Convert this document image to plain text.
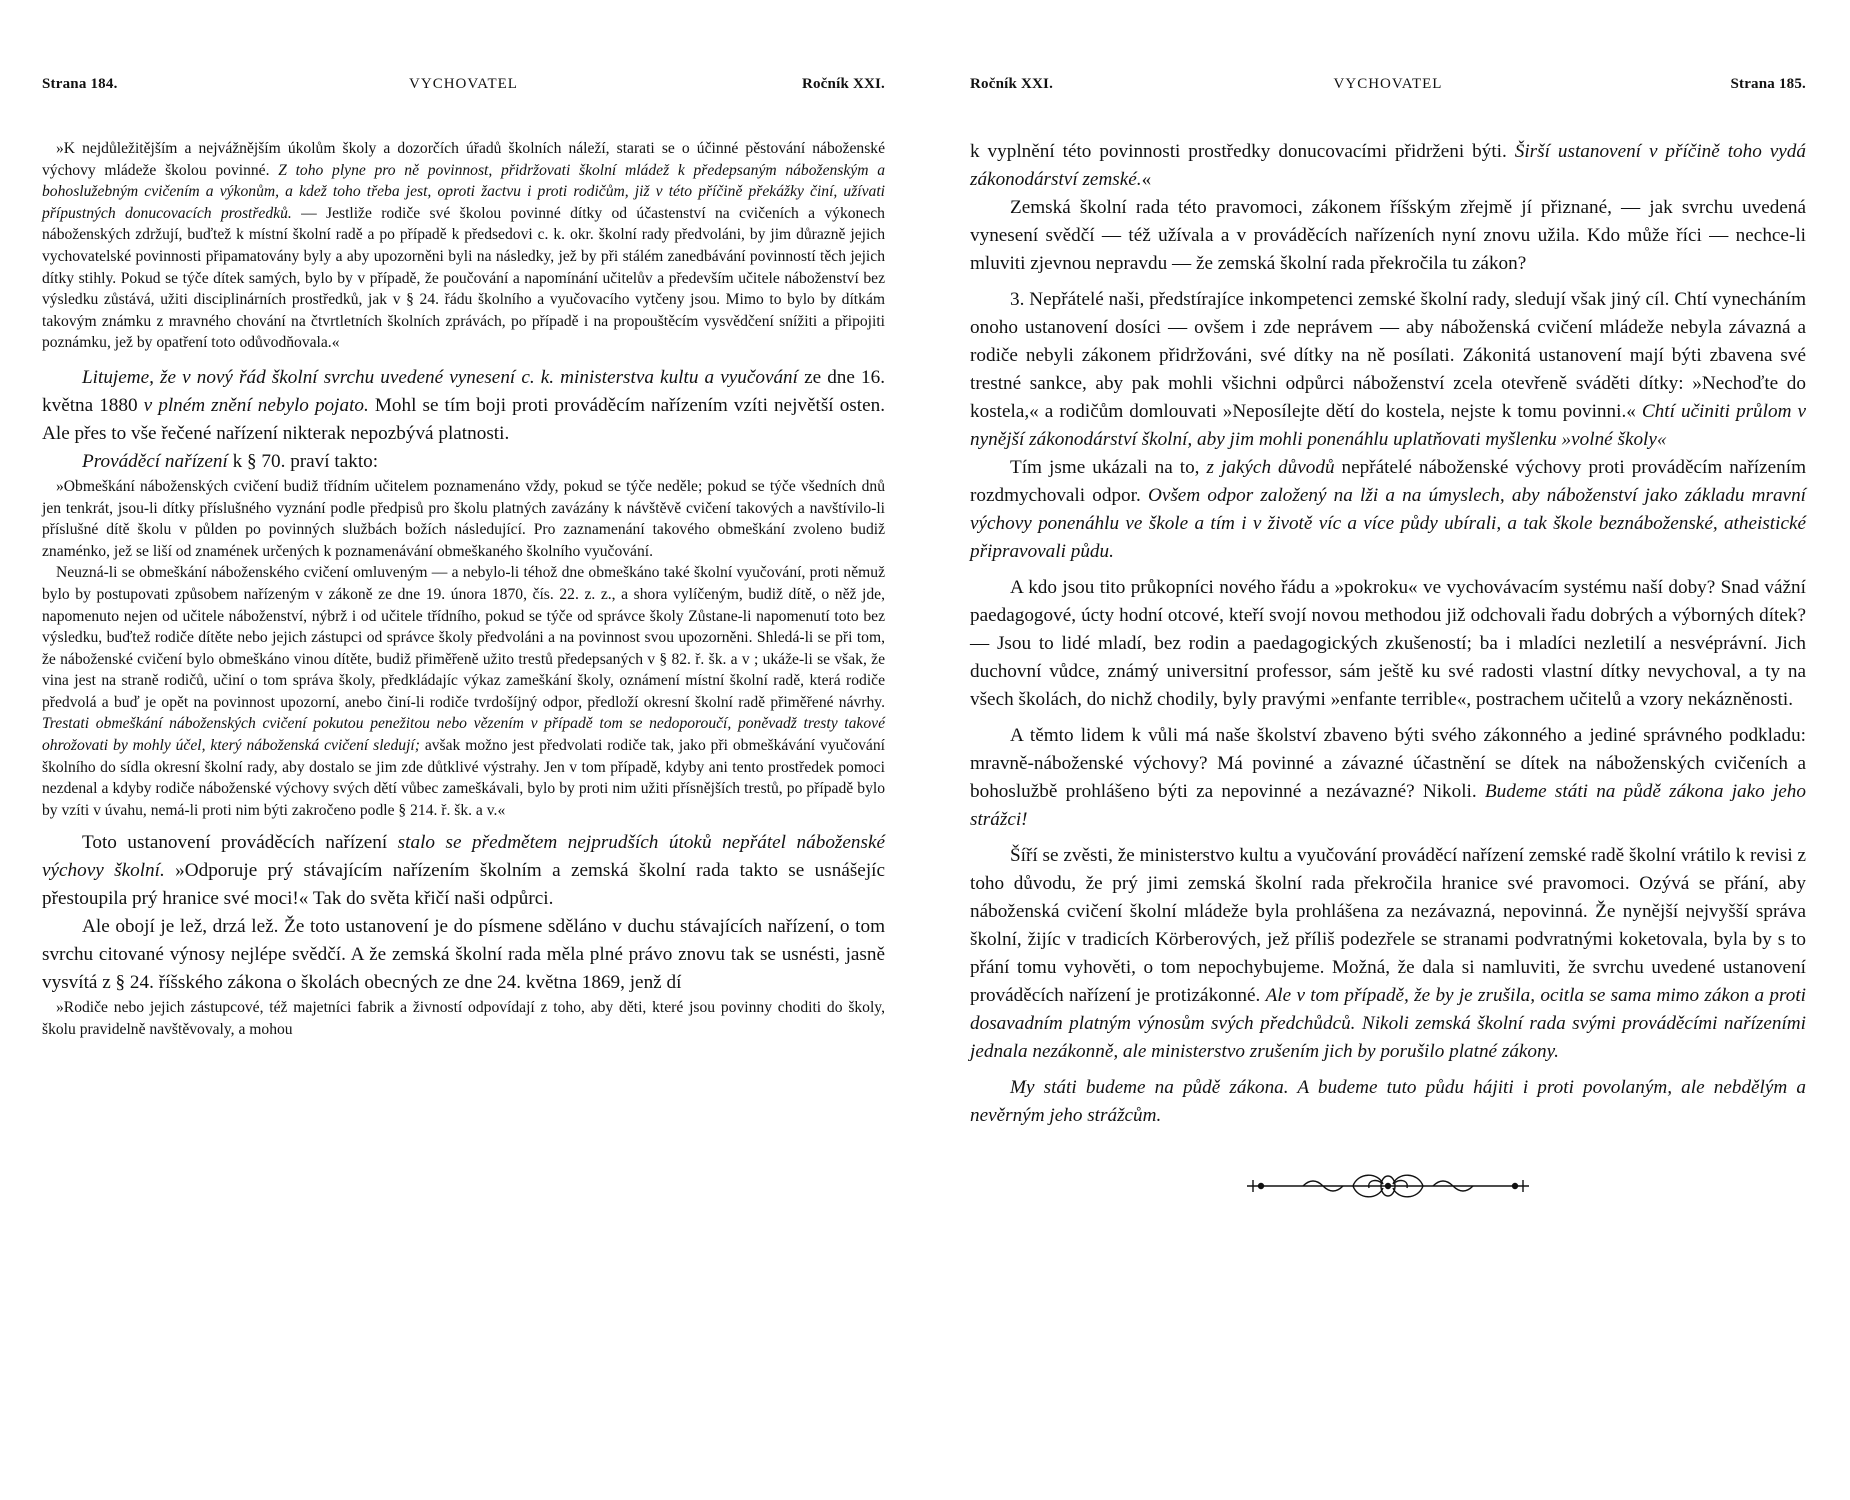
Strana 184.	VYCHOVATEL	Ročník XXI.

»K nejdůležitějším a nejvážnějším úkolům školy a dozorčích úřadů školních náleží, starati se o účinné pěstování náboženské výchovy mládeže školou povinné. Z toho plyne pro ně povinnost, přidržovati školní mládež k předepsaným náboženským a bohoslužebným cvičením a výkonům, a kdež toho třeba jest, oproti žactvu i proti rodičům, již v této příčině překážky činí, užívati přípustných donucovacích prostředků. — Jestliže rodiče své školou povinné dítky od účastenství na cvičeních a výkonech náboženských zdržují, buďtež k místní školní radě a po případě k předsedovi c. k. okr. školní rady předvoláni, by jim důrazně jejich vychovatelské povinnosti připamatovány byly a aby upozorněni byli na následky, jež by při stálém zanedbávání povinností těch jejich dítky stihly. Pokud se týče dítek samých, bylo by v případě, že poučování a napomínání učitelův a především učitele náboženství bez výsledku zůstává, užiti disciplinárních prostředků, jak v § 24. řádu školního a vyučovacího vytčeny jsou. Mimo to bylo by dítkám takovým známku z mravného chování na čtvrtletních školních zprávách, po případě i na propouštěcím vysvědčení snížiti a připojiti poznámku, jež by opatření toto odůvodňovala.«

Litujeme, že v nový řád školní svrchu uvedené vynesení c. k. ministerstva kultu a vyučování ze dne 16. května 1880 v plném znění nebylo pojato. Mohl se tím boji proti prováděcím nařízením vzíti největší osten. Ale přes to vše řečené nařízení nikterak nepozbývá platnosti.

Prováděcí nařízení k § 70. praví takto:

»Obmeškání náboženských cvičení budiž třídním učitelem poznamenáno vždy, pokud se týče neděle; pokud se týče všedních dnů jen tenkrát, jsou-li dítky příslušného vyznání podle předpisů pro školu platných zavázány k návštěvě cvičení takových a navštívilo-li příslušné dítě školu v půlden po povinných službách božích následující. Pro zaznamenání takového obmeškání zvoleno budiž znaménko, jež se liší od znamének určených k poznamenávání obmeškaného školního vyučování.

Neuzná-li se obmeškání náboženského cvičení omluveným — a nebylo-li téhož dne obmeškáno také školní vyučování, proti němuž bylo by postupovati způsobem nařízeným v zákoně ze dne 19. února 1870, čís. 22. z. z., a shora vylíčeným, budiž dítě, o něž jde, napomenuto nejen od učitele náboženství, nýbrž i od učitele třídního, pokud se týče od správce školy Zůstane-li napomenutí toto bez výsledku, buďtež rodiče dítěte nebo jejich zástupci od správce školy předvoláni a na povinnost svou upozorněni. Shledá-li se při tom, že náboženské cvičení bylo obmeškáno vinou dítěte, budiž přiměřeně užito trestů předepsaných v § 82. ř. šk. a v ; ukáže-li se však, že vina jest na straně rodičů, učiní o tom správa školy, předkládajíc výkaz zameškání školy, oznámení místní školní radě, která rodiče předvolá a buď je opět na povinnost upozorní, anebo činí-li rodiče tvrdošíjný odpor, předloží okresní školní radě přiměřené návrhy. Trestati obmeškání náboženských cvičení pokutou penežitou nebo vězením v případě tom se nedoporoučí, poněvadž tresty takové ohrožovati by mohly účel, který náboženská cvičení sledují; avšak možno jest předvolati rodiče tak, jako při obmeškávání vyučování školního do sídla okresní školní rady, aby dostalo se jim zde důtklivé výstrahy. Jen v tom případě, kdyby ani tento prostředek pomoci nezdenal a kdyby rodiče náboženské výchovy svých dětí vůbec zameškávali, bylo by proti nim užiti přísnějších trestů, po případě bylo by vzíti v úvahu, nemá-li proti nim býti zakročeno podle § 214. ř. šk. a v.«

Toto ustanovení prováděcích nařízení stalo se předmětem nejprudších útoků nepřátel náboženské výchovy školní. »Odporuje prý stávajícím nařízením školním a zemská školní rada takto se usnášejíc přestoupila prý hranice své moci!« Tak do světa křičí naši odpůrci.

Ale obojí je lež, drzá lež. Že toto ustanovení je do písmene sděláno v duchu stávajících nařízení, o tom svrchu citované výnosy nejlépe svědčí. A že zemská školní rada měla plné právo znovu tak se usnésti, jasně vysvítá z § 24. říšského zákona o školách obecných ze dne 24. května 1869, jenž dí

»Rodiče nebo jejich zástupcové, též majetníci fabrik a živností odpovídají z toho, aby děti, které jsou povinny choditi do školy, školu pravidelně navštěvovaly, a mohou

Ročník XXI.	VYCHOVATEL	Strana 185.

k vyplnění této povinnosti prostředky donucovacími přidrženi býti. Širší ustanovení v příčině toho vydá zákonodárství zemské.«

Zemská školní rada této pravomoci, zákonem říšským zřejmě jí přiznané, — jak svrchu uvedená vynesení svědčí — též užívala a v prováděcích nařízeních nyní znovu užila. Kdo může říci — nechce-li mluviti zjevnou nepravdu — že zemská školní rada překročila tu zákon?

3. Nepřátelé naši, předstírajíce inkompetenci zemské školní rady, sledují však jiný cíl. Chtí vynecháním onoho ustanovení dosíci — ovšem i zde neprávem — aby náboženská cvičení mládeže nebyla závazná a rodiče nebyli zákonem přidržováni, své dítky na ně posílati. Zákonitá ustanovení mají býti zbavena své trestné sankce, aby pak mohli všichni odpůrci náboženství zcela otevřeně sváděti dítky: »Nechoďte do kostela,« a rodičům domlouvati »Neposílejte dětí do kostela, nejste k tomu povinni.« Chtí učiniti průlom v nynější zákonodárství školní, aby jim mohli ponenáhlu uplatňovati myšlenku »volné školy«

Tím jsme ukázali na to, z jakých důvodů nepřátelé náboženské výchovy proti prováděcím nařízením rozdmychovali odpor. Ovšem odpor založený na lži a na úmyslech, aby náboženství jako základu mravní výchovy ponenáhlu ve škole a tím i v životě víc a více půdy ubírali, a tak škole beznáboženské, atheistické připravovali půdu.

A kdo jsou tito průkopníci nového řádu a »pokroku« ve vychovávacím systému naší doby? Snad vážní paedagogové, úcty hodní otcové, kteří svojí novou methodou již odchovali řadu dobrých a výborných dítek? — Jsou to lidé mladí, bez rodin a paedagogických zkušeností; ba i mladíci nezletilí a nesvéprávní. Jich duchovní vůdce, známý universitní professor, sám ještě ku své radosti vlastní dítky nevychoval, a ty na všech školách, do nichž chodily, byly pravými »enfante terrible«, postrachem učitelů a vzory nekázněnosti.

A těmto lidem k vůli má naše školství zbaveno býti svého zákonného a jediné správného podkladu: mravně-náboženské výchovy? Má povinné a závazné účastnění se dítek na náboženských cvičeních a bohoslužbě prohlášeno býti za nepovinné a nezávazné? Nikoli. Budeme státi na půdě zákona jako jeho strážci!

Šíří se zvěsti, že ministerstvo kultu a vyučování prováděcí nařízení zemské radě školní vrátilo k revisi z toho důvodu, že prý jimi zemská školní rada překročila hranice své pravomoci. Ozývá se přání, aby náboženská cvičení školní mládeže byla prohlášena za nezávazná, nepovinná. Že nynější nejvyšší správa školní, žijíc v tradicích Körberových, jež příliš podezřele se stranami podvratnými koketovala, byla by s to přání tomu vyhověti, o tom nepochybujeme. Možná, že dala si namluviti, že svrchu uvedené ustanovení prováděcích nařízení je protizákonné. Ale v tom případě, že by je zrušila, ocitla se sama mimo zákon a proti dosavadním platným výnosům svých předchůdců. Nikoli zemská školní rada svými prováděcími nařízeními jednala nezákonně, ale ministerstvo zrušením jich by porušilo platné zákony.

My státi budeme na půdě zákona. A budeme tuto půdu hájiti i proti povolaným, ale nebdělým a nevěrným jeho strážcům.
